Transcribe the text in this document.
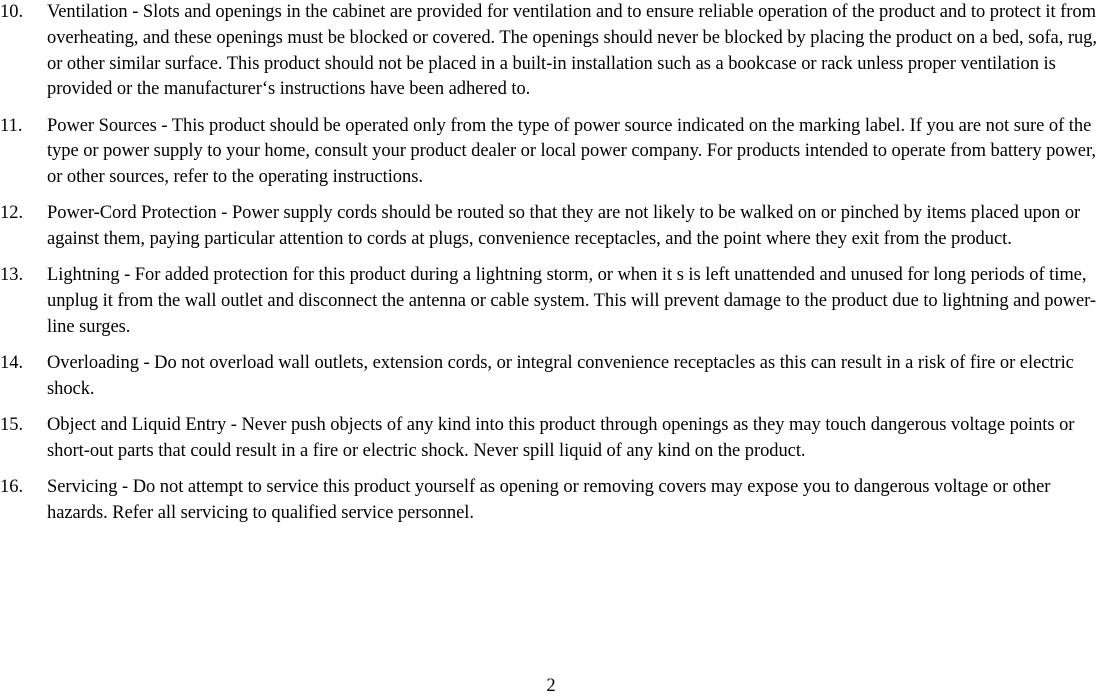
10.	Ventilation - Slots and openings in the cabinet are provided for ventilation and to ensure reliable operation of the product and to protect it from overheating, and these openings must be blocked or covered. The openings should never be blocked by placing the product on a bed, sofa, rug, or other similar surface. This product should not be placed in a built-in installation such as a bookcase or rack unless proper ventilation is provided or the manufacturer‘s instructions have been adhered to.
11.	Power Sources - This product should be operated only from the type of power source indicated on the marking label. If you are not sure of the type or power supply to your home, consult your product dealer or local power company. For products intended to operate from battery power, or other sources, refer to the operating instructions.
12.	Power-Cord Protection - Power supply cords should be routed so that they are not likely to be walked on or pinched by items placed upon or against them, paying particular attention to cords at plugs, convenience receptacles, and the point where they exit from the product.
13.	Lightning - For added protection for this product during a lightning storm, or when it s is left unattended and unused for long periods of time, unplug it from the wall outlet and disconnect the antenna or cable system. This will prevent damage to the product due to lightning and power-line surges.
14.	Overloading - Do not overload wall outlets, extension cords, or integral convenience receptacles as this can result in a risk of fire or electric shock.
15.	Object and Liquid Entry - Never push objects of any kind into this product through openings as they may touch dangerous voltage points or short-out parts that could result in a fire or electric shock. Never spill liquid of any kind on the product.
16.	Servicing - Do not attempt to service this product yourself as opening or removing covers may expose you to dangerous voltage or other hazards. Refer all servicing to qualified service personnel.
2
